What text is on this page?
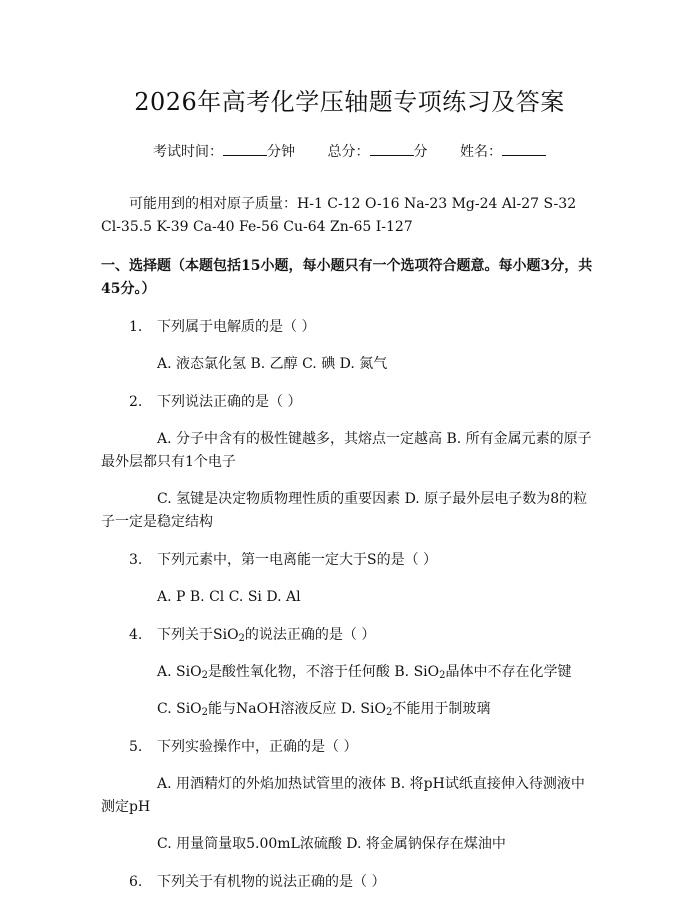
2026年高考化学压轴题专项练习及答案
考试时间：	分钟 总分：	分 姓名：
可能用到的相对原子质量：H-1 C-12 O-16 Na-23 Mg-24 Al-27 S-32 Cl-35.5 K-39 Ca-40 Fe-56 Cu-64 Zn-65 I-127
一、选择题（本题包括15小题，每小题只有一个选项符合题意。每小题3分，共45分。）
1. 下列属于电解质的是（ ）
A. 液态氯化氢 B. 乙醇 C. 碘 D. 氮气
2. 下列说法正确的是（ ）
A. 分子中含有的极性键越多，其熔点一定越高 B. 所有金属元素的原子最外层都只有1个电子
C. 氢键是决定物质物理性质的重要因素 D. 原子最外层电子数为8的粒子一定是稳定结构
3. 下列元素中，第一电离能一定大于S的是（ ）
A. P B. Cl C. Si D. Al
4. 下列关于SiO$_2$的说法正确的是（ ）
A. SiO$_2$是酸性氧化物，不溶于任何酸 B. SiO$_2$晶体中不存在化学键
C. SiO$_2$能与NaOH溶液反应 D. SiO$_2$不能用于制玻璃
5. 下列实验操作中，正确的是（ ）
A. 用酒精灯的外焰加热试管里的液体 B. 将pH试纸直接伸入待测液中测定pH
C. 用量筒量取5.00mL浓硫酸 D. 将金属钠保存在煤油中
6. 下列关于有机物的说法正确的是（ ）
